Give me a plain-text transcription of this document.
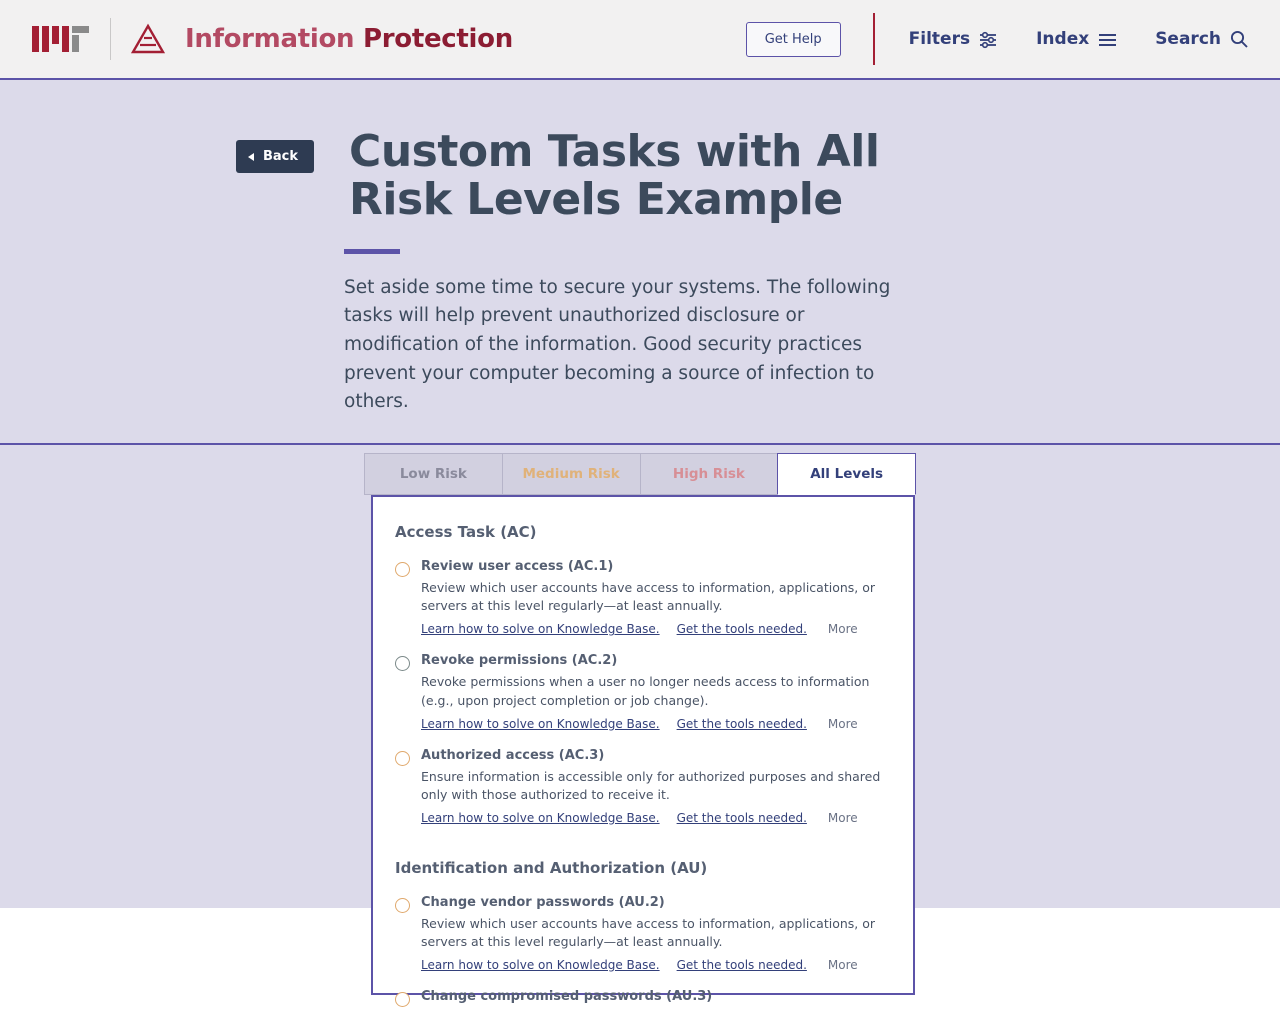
Information Protection	Get Help	Filters	Index	Search
Back Custom Tasks with All Risk Levels Example

Set aside some time to secure your systems. The following tasks will help prevent unauthorized disclosure or modification of the information. Good security practices prevent your computer becoming a source of infection to others.

Low Risk	Medium Risk	High Risk	All Levels
Access Task (AC)
Review user access (AC.1)
Review which user accounts have access to information, applications, or servers at this level regularly—at least annually.
Learn how to solve on Knowledge Base. Get the tools needed. More
Revoke permissions (AC.2)
Revoke permissions when a user no longer needs access to information (e.g., upon project completion or job change).
Learn how to solve on Knowledge Base. Get the tools needed. More
Authorized access (AC.3)
Ensure information is accessible only for authorized purposes and shared only with those authorized to receive it.
Learn how to solve on Knowledge Base. Get the tools needed. More
Identification and Authorization (AU)
Change vendor passwords (AU.2)
Review which user accounts have access to information, applications, or servers at this level regularly—at least annually.
Learn how to solve on Knowledge Base. Get the tools needed. More
Change compromised passwords (AU.3)
